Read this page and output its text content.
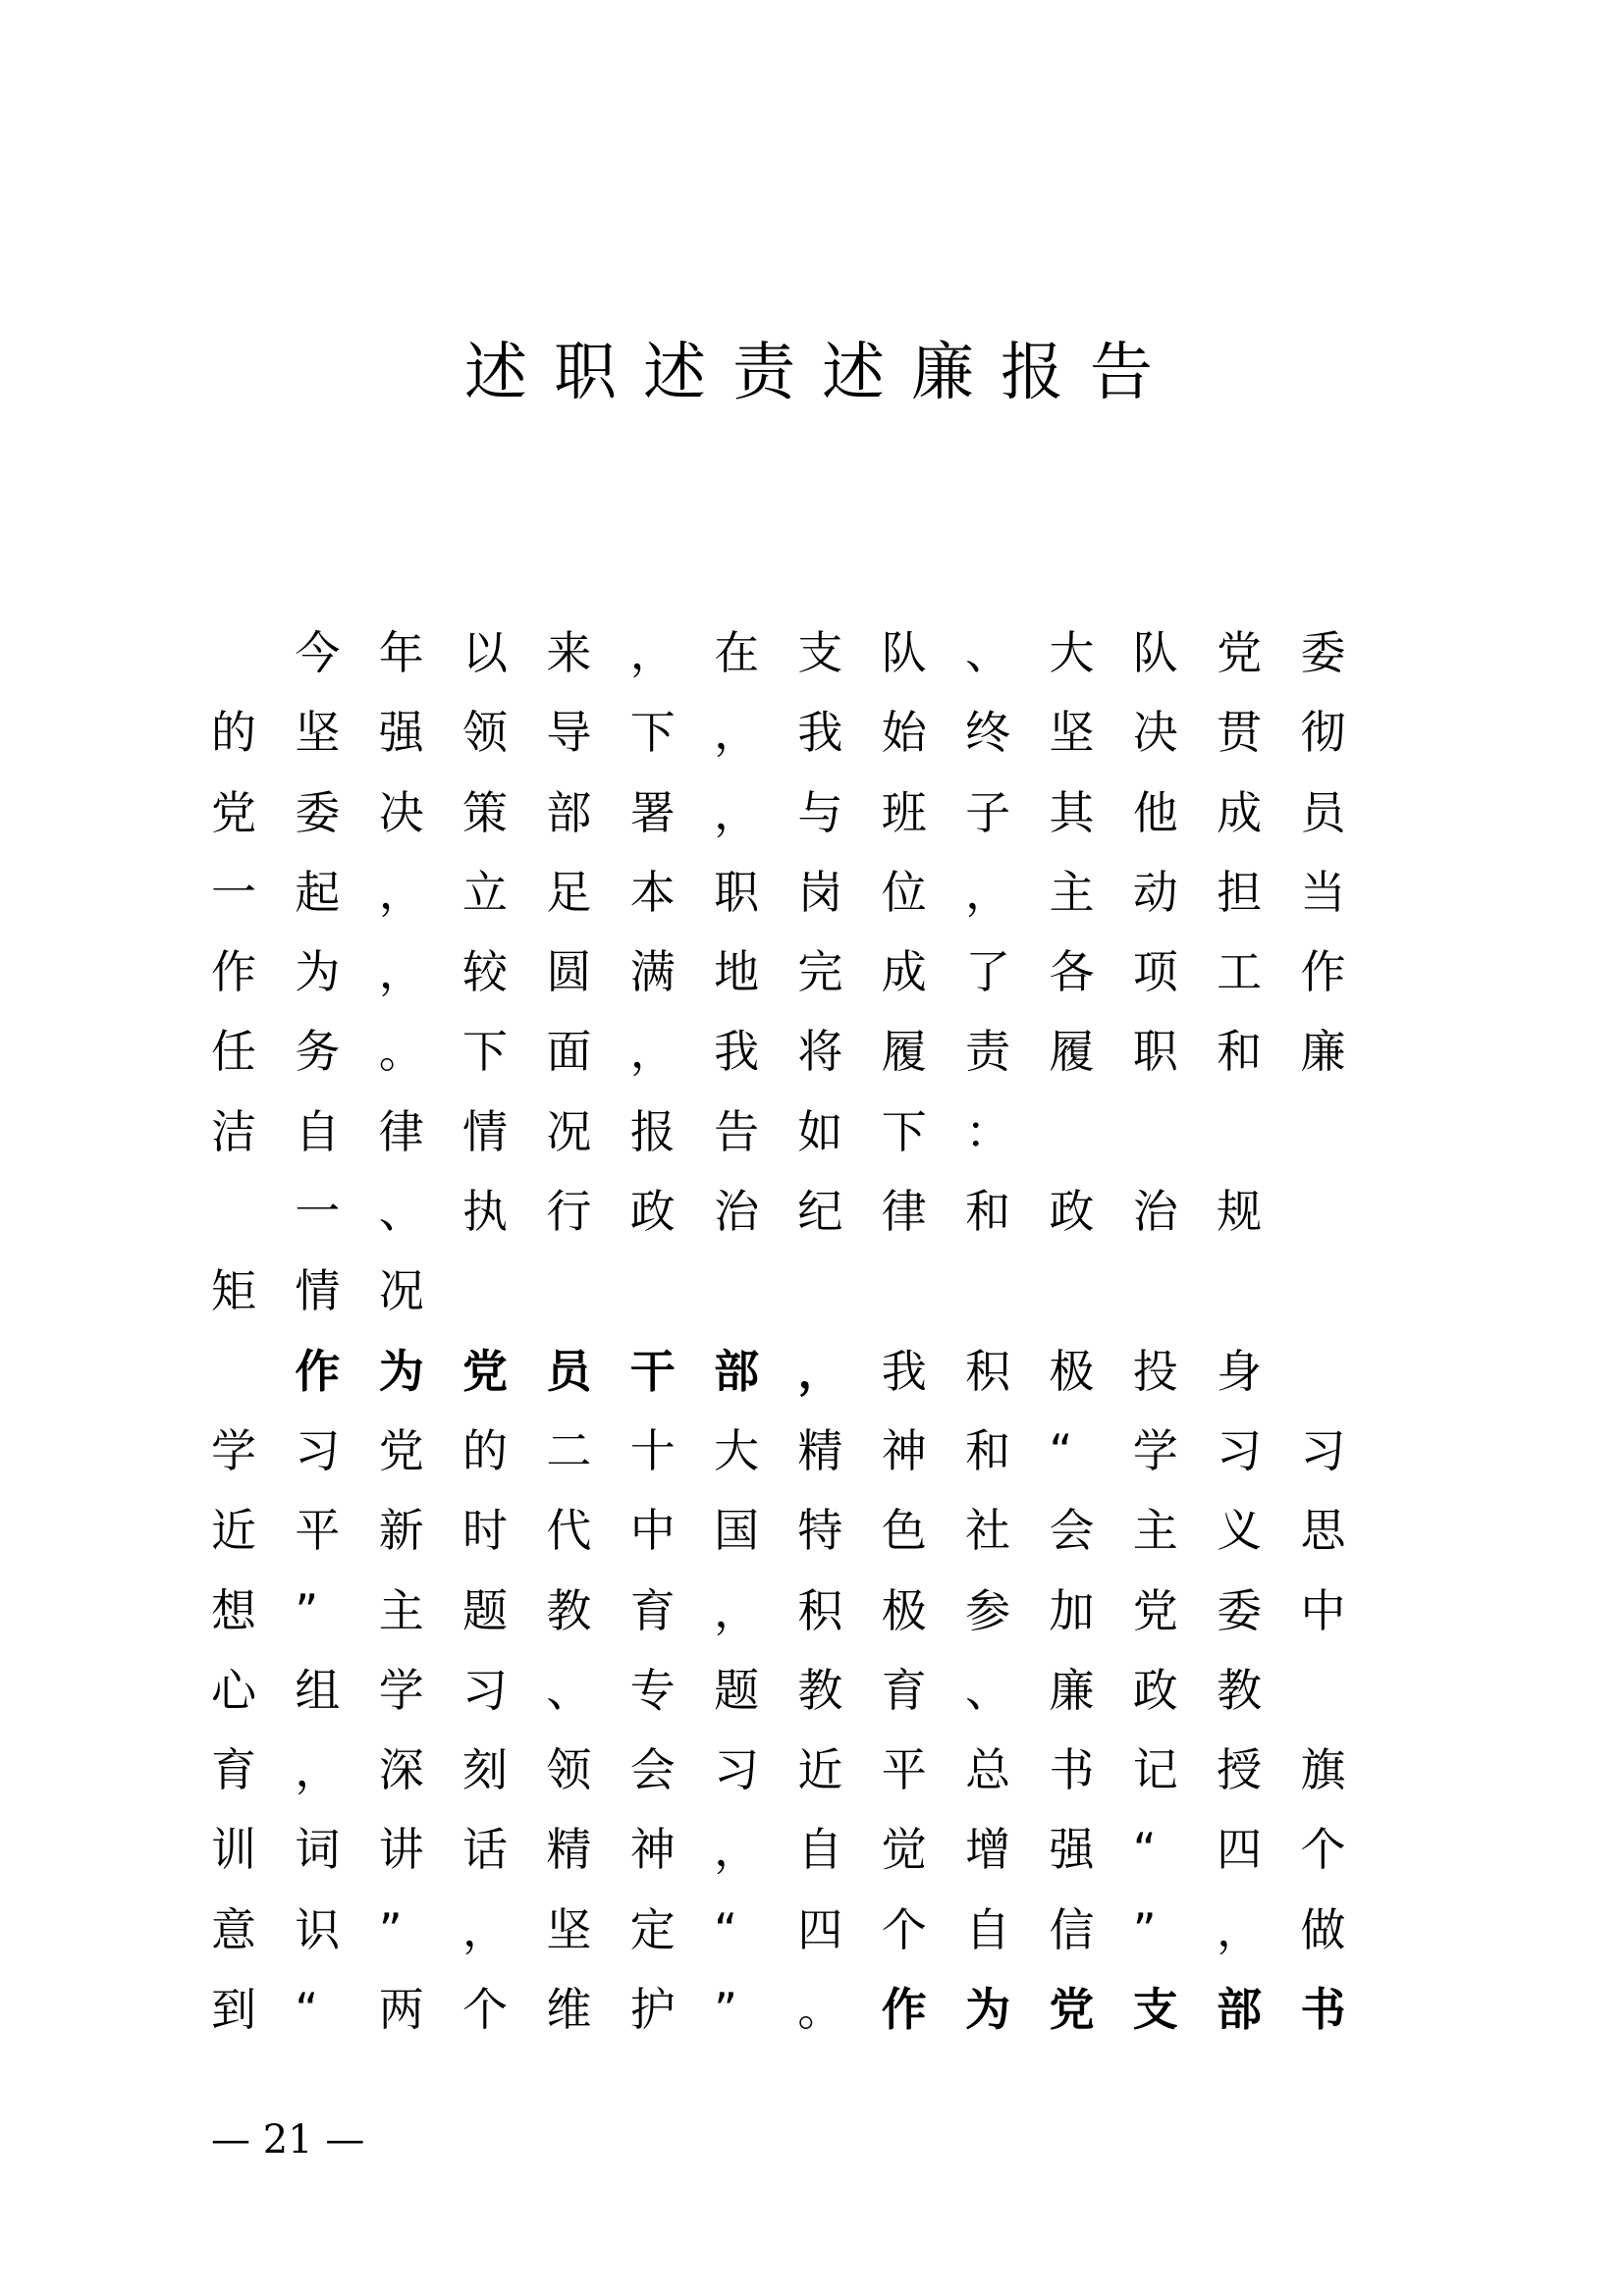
述职述责述廉报告
　今 年 以 来 ， 在 支 队 、 大 队 党 委
的 坚 强 领 导 下 ， 我 始 终 坚 决 贯 彻
党 委 决 策 部 署 ， 与 班 子 其 他 成 员
一 起 ， 立 足 本 职 岗 位 ， 主 动 担 当
作 为 ， 较 圆 满 地 完 成 了 各 项 工 作
任 务 。 下 面 ， 我 将 履 责 履 职 和 廉
洁 自 律 情 况 报 告 如 下 ：
　一 、 执 行 政 治 纪 律 和 政 治 规
矩 情 况
　作 为 党 员 干 部 ， 我 积 极 投 身
学 习 党 的 二 十 大 精 神 和 “ 学 习 习
近 平 新 时 代 中 国 特 色 社 会 主 义 思
想 ” 主 题 教 育 ， 积 极 参 加 党 委 中
心 组 学 习 、 专 题 教 育 、 廉 政 教
育 ， 深 刻 领 会 习 近 平 总 书 记 授 旗
训 词 讲 话 精 神 ， 自 觉 增 强 “ 四 个
意 识 ” ， 坚 定 “ 四 个 自 信 ” ， 做
到 “ 两 个 维 护 ” 。 作 为 党 支 部 书
— 21 —
